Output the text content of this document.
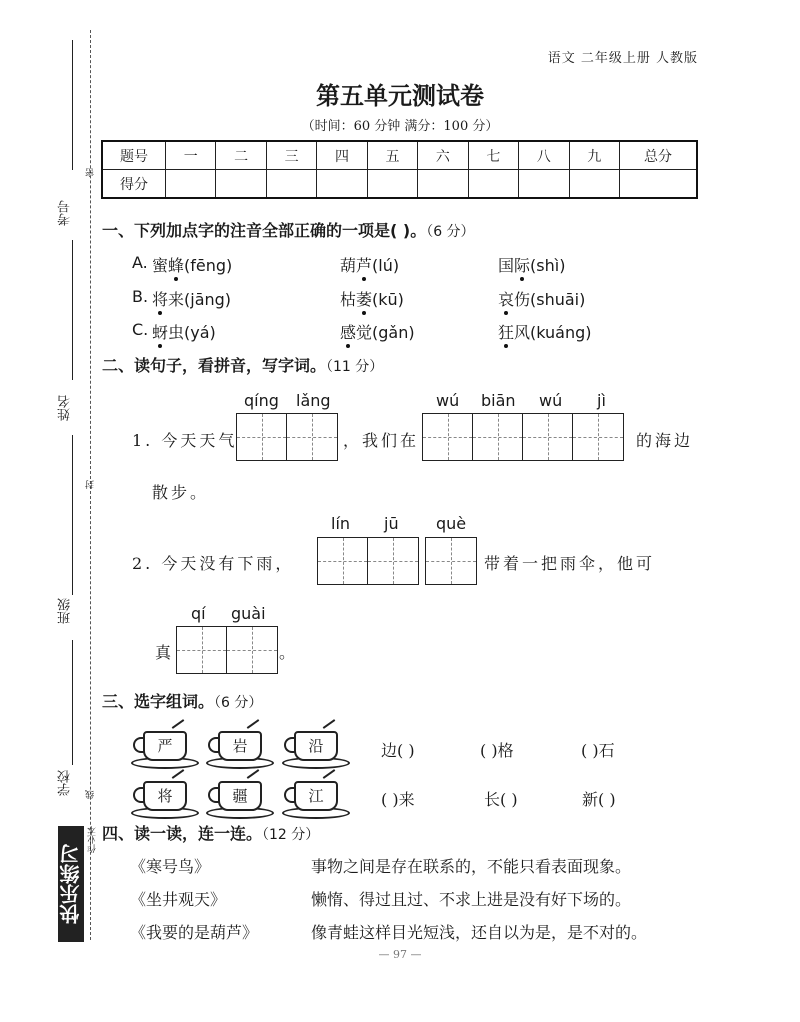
考号
姓名
班级
学校
密
封
线
快乐练习
作业本
语文 二年级上册 人教版
第五单元测试卷
（时间：60 分钟 满分：100 分）
题号	一	二	三	四	五	六	七	八	九	总分
得分										
一、下列加点字的注音全部正确的一项是( )。（6 分）
A. 蜜蜂(fēng)	葫芦(lú)	国际(shì)
B. 将来(jāng)	枯萎(kū)	哀伤(shuāi)
C. 蚜虫(yá)	感觉(gǎn)	狂风(kuáng)
二、读句子，看拼音，写字词。（11 分）
qíng lǎng	wú biān wú jì
1. 今天天气	，我们在	的海边
散步。
lín jū què
2. 今天没有下雨，	带着一把雨伞，他可
qí guài
真	。
三、选字组词。（6 分）
严	岩	沿
将	疆	江
边( )	( )格	( )石
( )来	长( )	新( )
四、读一读，连一连。（12 分）
《寒号鸟》
《坐井观天》
《我要的是葫芦》
事物之间是存在联系的，不能只看表面现象。
懒惰、得过且过、不求上进是没有好下场的。
像青蛙这样目光短浅，还自以为是，是不对的。
— 97 —
